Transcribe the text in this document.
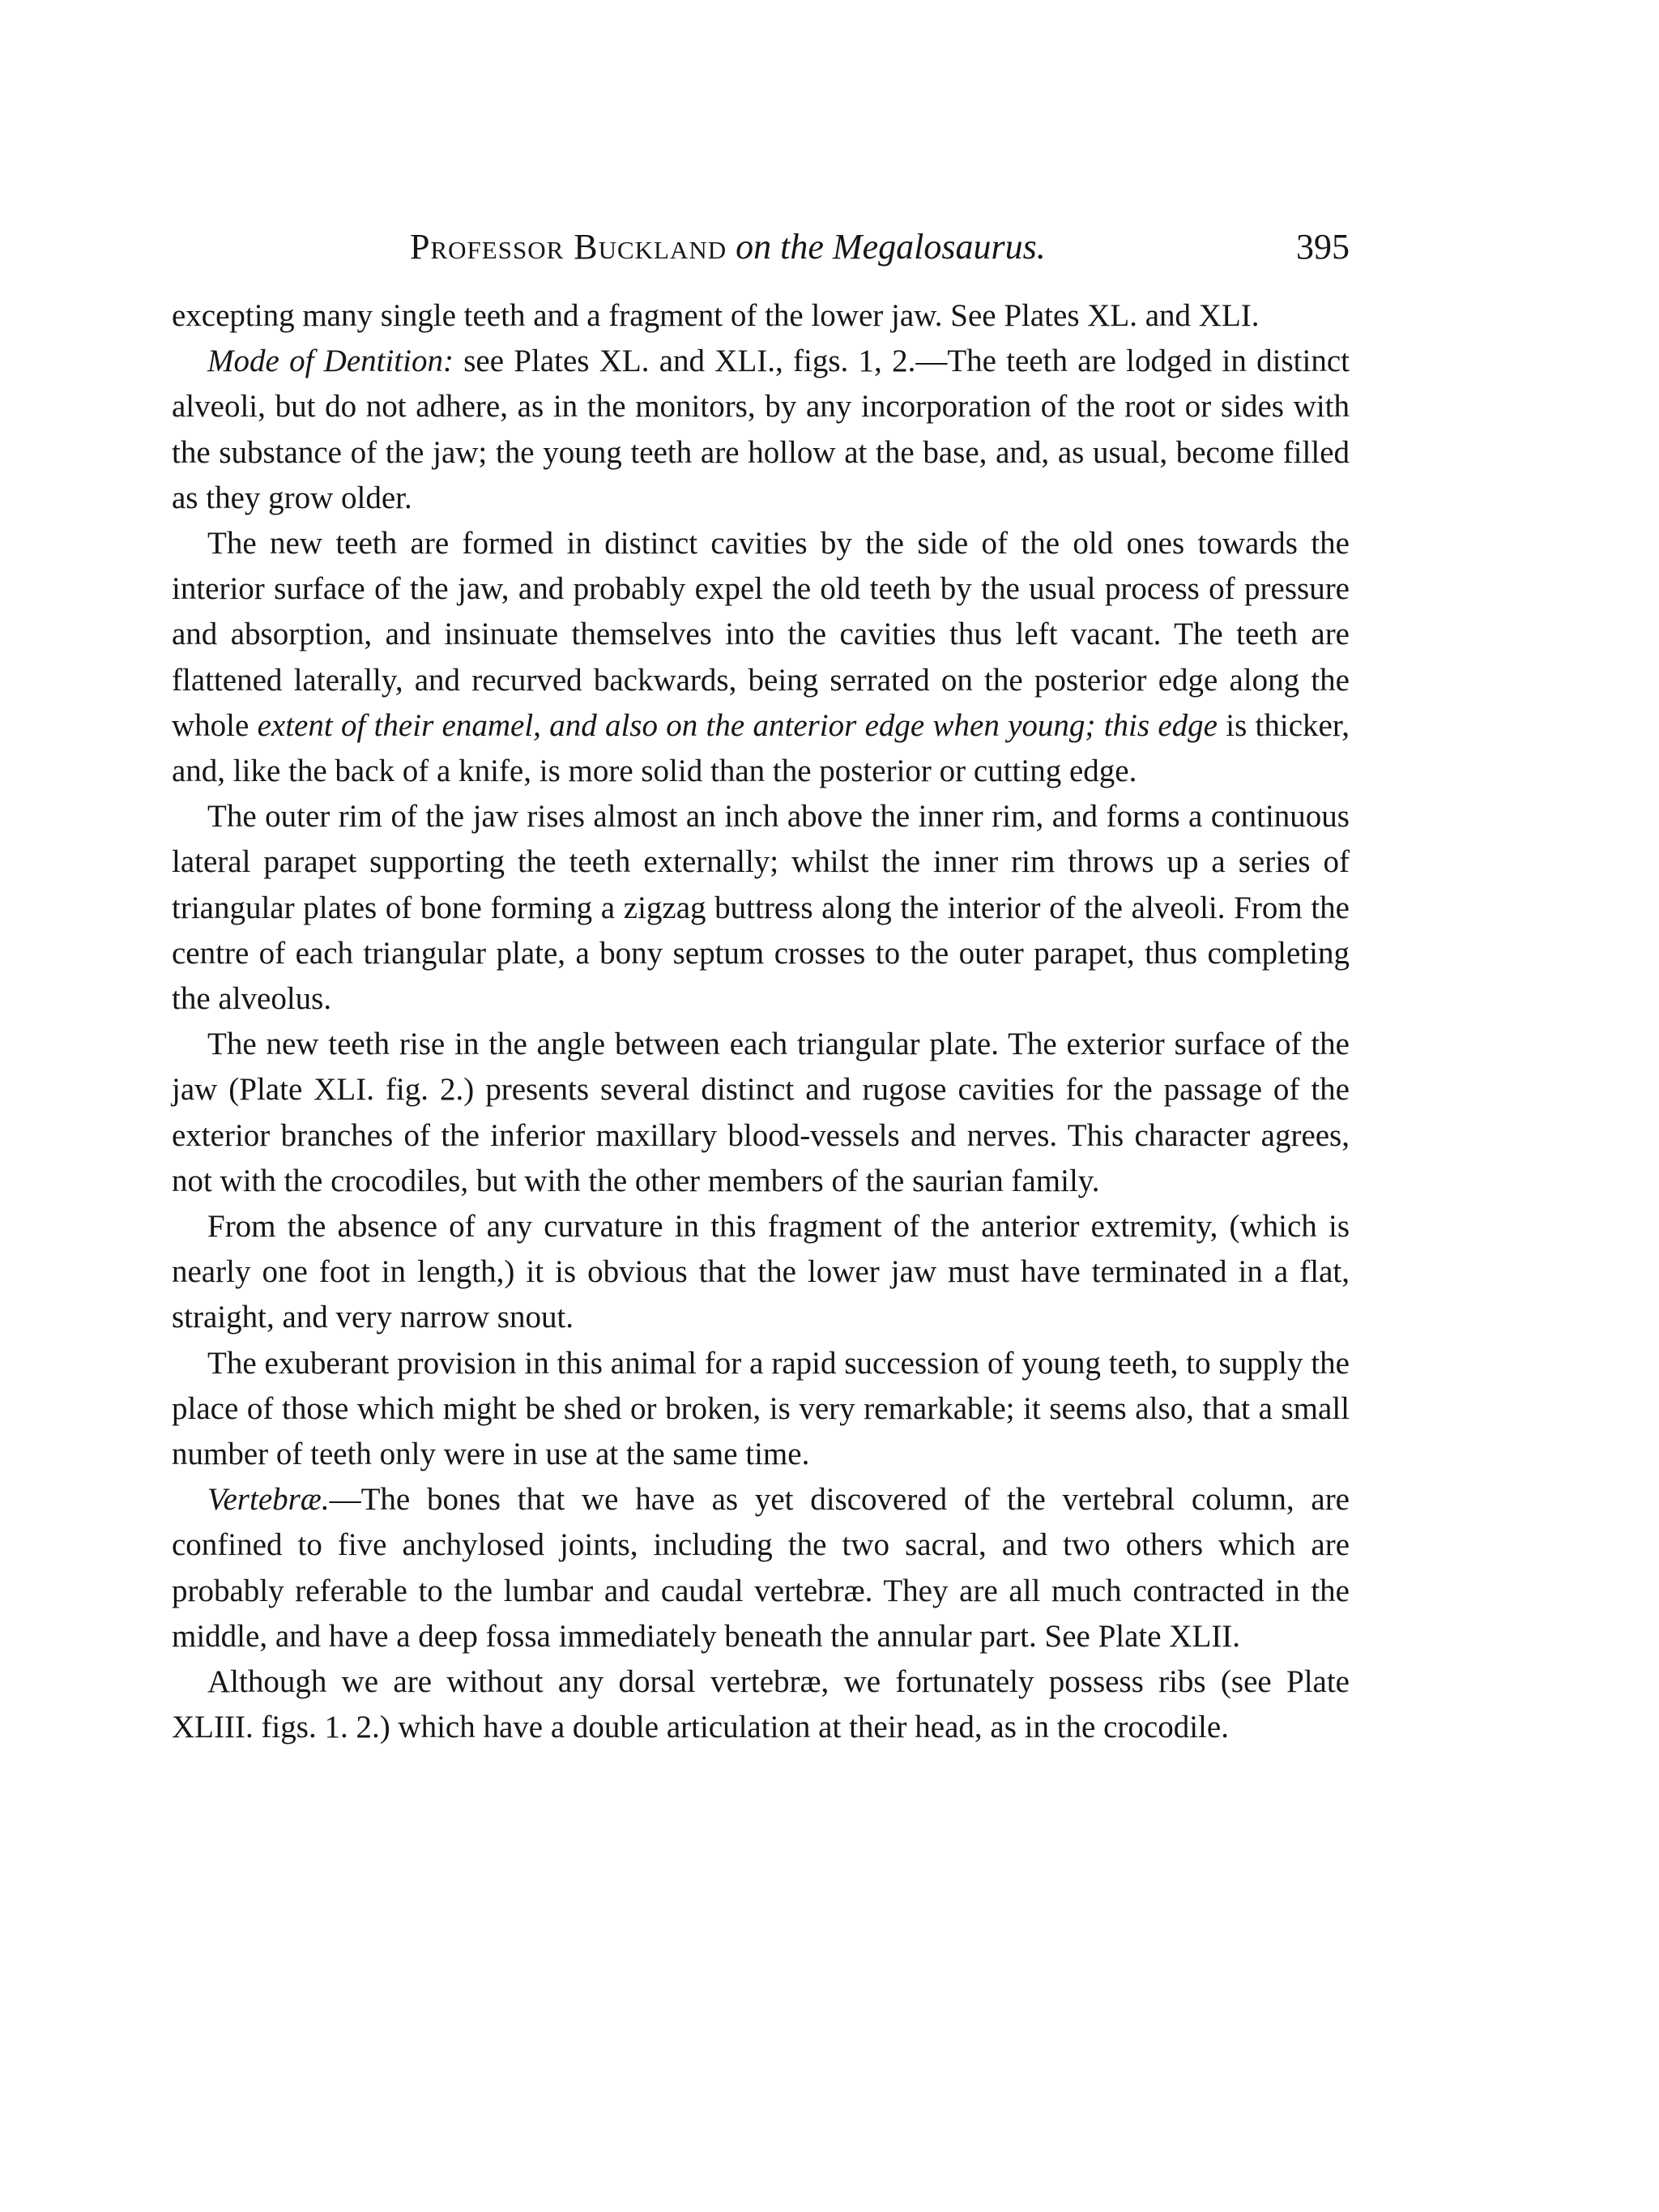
Professor Buckland on the Megalosaurus.	395

excepting many single teeth and a fragment of the lower jaw. See Plates XL. and XLI.

Mode of Dentition: see Plates XL. and XLI., figs. 1, 2.—The teeth are lodged in distinct alveoli, but do not adhere, as in the monitors, by any incorporation of the root or sides with the substance of the jaw; the young teeth are hollow at the base, and, as usual, become filled as they grow older.

The new teeth are formed in distinct cavities by the side of the old ones towards the interior surface of the jaw, and probably expel the old teeth by the usual process of pressure and absorption, and insinuate themselves into the cavities thus left vacant. The teeth are flattened laterally, and recurved backwards, being serrated on the posterior edge along the whole extent of their enamel, and also on the anterior edge when young; this edge is thicker, and, like the back of a knife, is more solid than the posterior or cutting edge.

The outer rim of the jaw rises almost an inch above the inner rim, and forms a continuous lateral parapet supporting the teeth externally; whilst the inner rim throws up a series of triangular plates of bone forming a zigzag buttress along the interior of the alveoli. From the centre of each triangular plate, a bony septum crosses to the outer parapet, thus completing the alveolus.

The new teeth rise in the angle between each triangular plate. The exterior surface of the jaw (Plate XLI. fig. 2.) presents several distinct and rugose cavities for the passage of the exterior branches of the inferior maxillary blood-vessels and nerves. This character agrees, not with the crocodiles, but with the other members of the saurian family.

From the absence of any curvature in this fragment of the anterior extremity, (which is nearly one foot in length,) it is obvious that the lower jaw must have terminated in a flat, straight, and very narrow snout.

The exuberant provision in this animal for a rapid succession of young teeth, to supply the place of those which might be shed or broken, is very remarkable; it seems also, that a small number of teeth only were in use at the same time.

Vertebræ.—The bones that we have as yet discovered of the vertebral column, are confined to five anchylosed joints, including the two sacral, and two others which are probably referable to the lumbar and caudal vertebræ. They are all much contracted in the middle, and have a deep fossa immediately beneath the annular part. See Plate XLII.

Although we are without any dorsal vertebræ, we fortunately possess ribs (see Plate XLIII. figs. 1. 2.) which have a double articulation at their head, as in the crocodile.
